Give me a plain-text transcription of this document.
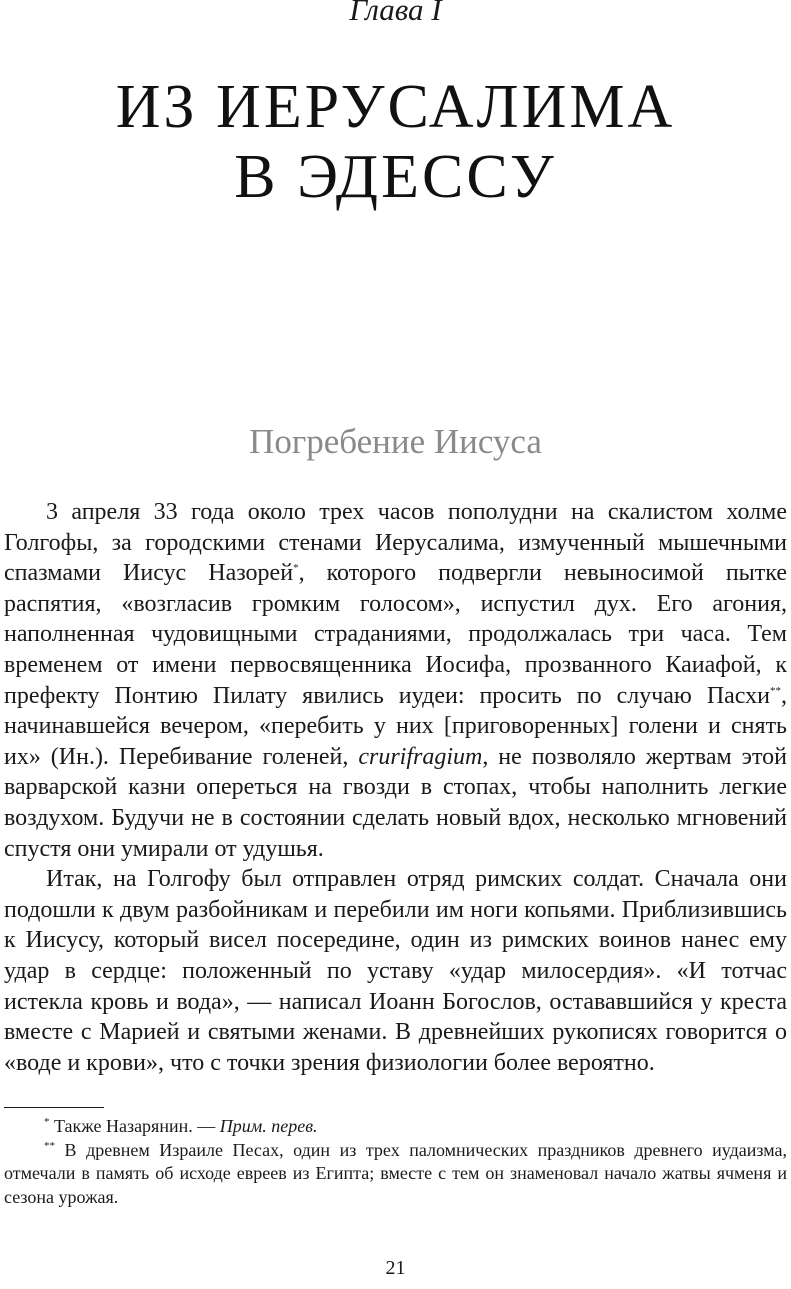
Глава I
ИЗ ИЕРУСАЛИМА
В ЭДЕССУ
Погребение Иисуса

3 апреля 33 года около трех часов пополудни на скалистом холме Голгофы, за городскими стенами Иерусалима, измученный мышечными спазмами Иисус Назорей*, которого подвергли невыносимой пытке распятия, «возгласив громким голосом», испустил дух. Его агония, наполненная чудовищными страданиями, продолжалась три часа. Тем временем от имени первосвященника Иосифа, прозванного Каиафой, к префекту Понтию Пилату явились иудеи: просить по случаю Пасхи**, начинавшейся вечером, «перебить у них [приговоренных] голени и снять их» (Ин.). Перебивание голеней, crurifragium, не позволяло жертвам этой варварской казни опереться на гвозди в стопах, чтобы наполнить легкие воздухом. Будучи не в состоянии сделать новый вдох, несколько мгновений спустя они умирали от удушья.

Итак, на Голгофу был отправлен отряд римских солдат. Сначала они подошли к двум разбойникам и перебили им ноги копьями. Приблизившись к Иисусу, который висел посередине, один из римских воинов нанес ему удар в сердце: положенный по уставу «удар милосердия». «И тотчас истекла кровь и вода», — написал Иоанн Богослов, остававшийся у креста вместе с Марией и святыми женами. В древнейших рукописях говорится о «воде и крови», что с точки зрения физиологии более вероятно.

* Также Назарянин. — Прим. перев.

** В древнем Израиле Песах, один из трех паломнических праздников древнего иудаизма, отмечали в память об исходе евреев из Египта; вместе с тем он знаменовал начало жатвы ячменя и сезона урожая.

21
